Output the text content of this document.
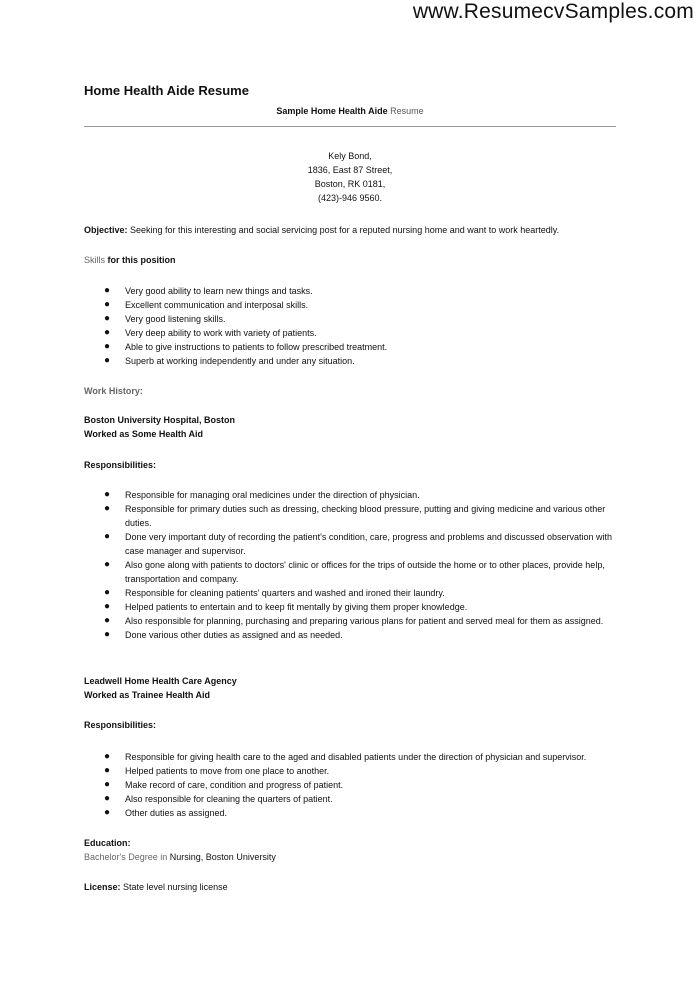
www.ResumecvSamples.com
Home Health Aide Resume
Sample Home Health Aide Resume
Kely Bond,
1836, East 87 Street,
Boston, RK 0181,
(423)-946 9560.
Objective: Seeking for this interesting and social servicing post for a reputed nursing home and want to work heartedly.
Skills for this position
● Very good ability to learn new things and tasks.
● Excellent communication and interposal skills.
● Very good listening skills.
● Very deep ability to work with variety of patients.
● Able to give instructions to patients to follow prescribed treatment.
● Superb at working independently and under any situation.
Work History:
Boston University Hospital, Boston
Worked as Some Health Aid
Responsibilities:
● Responsible for managing oral medicines under the direction of physician.
● Responsible for primary duties such as dressing, checking blood pressure, putting and giving medicine and various other duties.
● Done very important duty of recording the patient's condition, care, progress and problems and discussed observation with case manager and supervisor.
● Also gone along with patients to doctors' clinic or offices for the trips of outside the home or to other places, provide help, transportation and company.
● Responsible for cleaning patients' quarters and washed and ironed their laundry.
● Helped patients to entertain and to keep fit mentally by giving them proper knowledge.
● Also responsible for planning, purchasing and preparing various plans for patient and served meal for them as assigned.
● Done various other duties as assigned and as needed.
Leadwell Home Health Care Agency
Worked as Trainee Health Aid
Responsibilities:
● Responsible for giving health care to the aged and disabled patients under the direction of physician and supervisor.
● Helped patients to move from one place to another.
● Make record of care, condition and progress of patient.
● Also responsible for cleaning the quarters of patient.
● Other duties as assigned.
Education:
Bachelor's Degree in Nursing, Boston University
License: State level nursing license
